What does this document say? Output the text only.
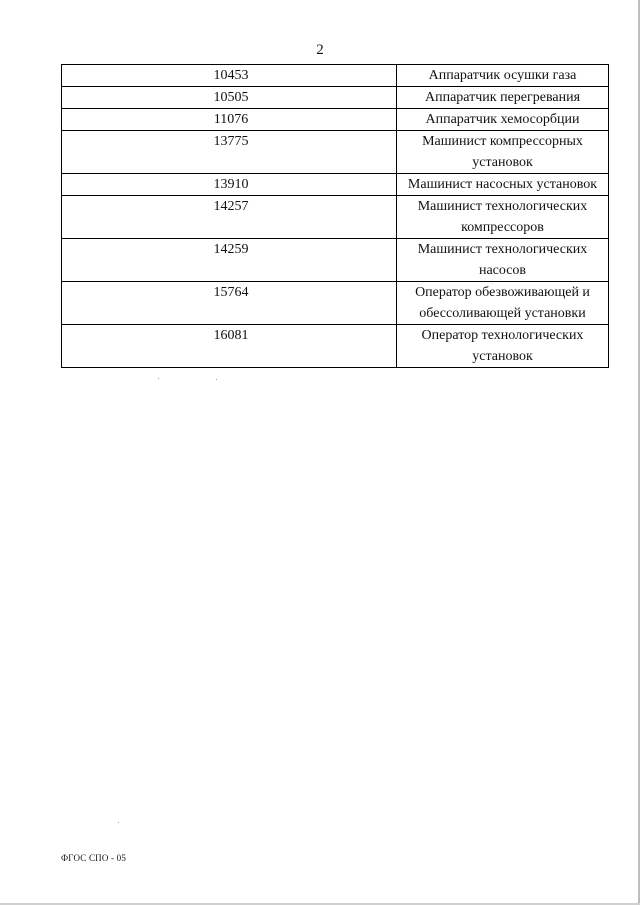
2
10453	Аппаратчик осушки газа
10505	Аппаратчик перегревания
11076	Аппаратчик хемосорбции
13775	Машинист компрессорных установок
13910	Машинист насосных установок
14257	Машинист технологических компрессоров
14259	Машинист технологических насосов
15764	Оператор обезвоживающей и обессоливающей установки
16081	Оператор технологических установок
ФГОС СПО - 05
